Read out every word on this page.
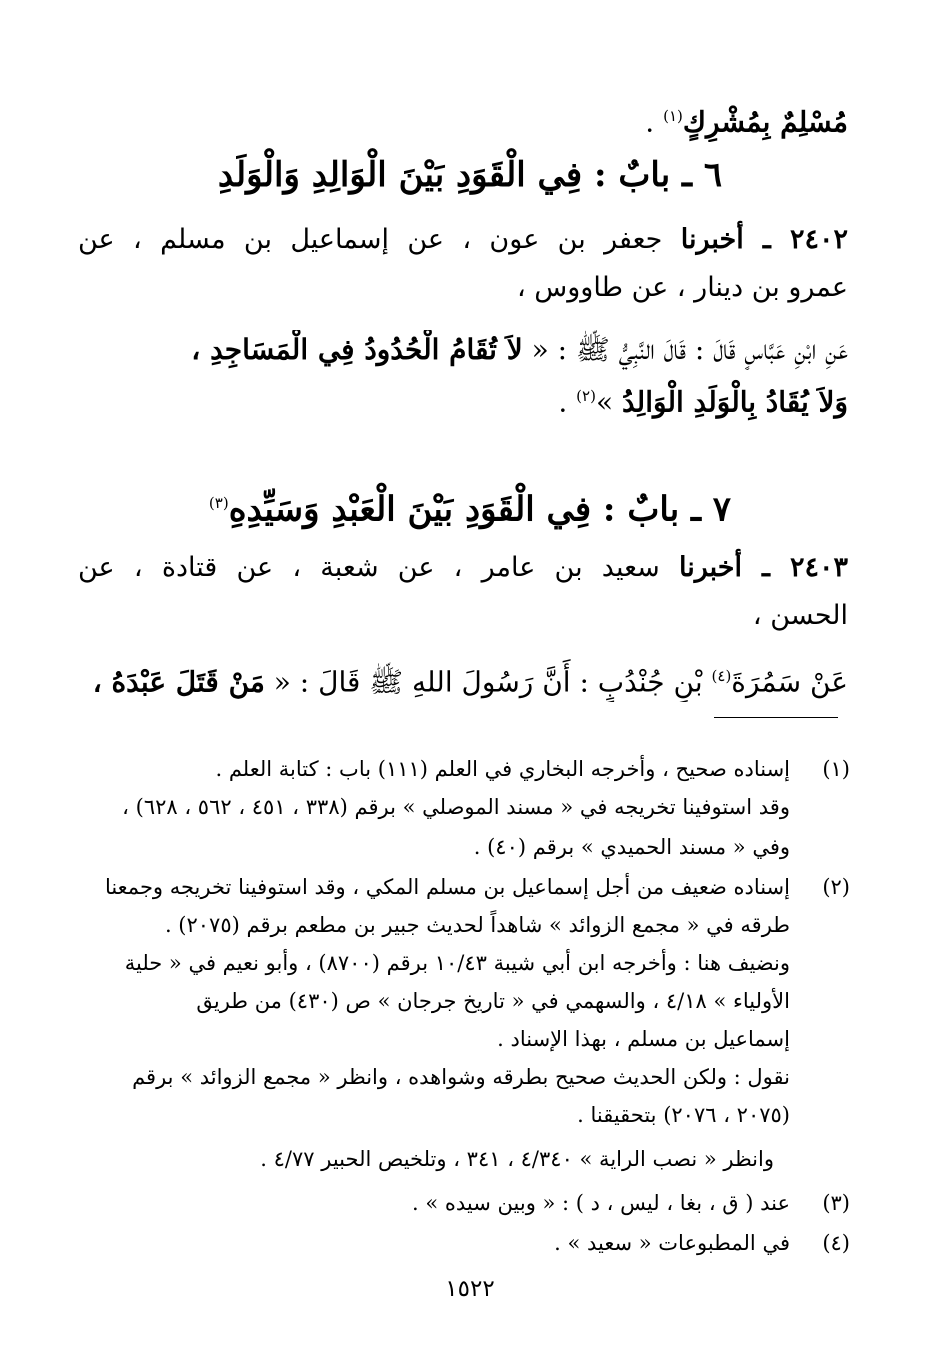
مُسْلِمٌ بِمُشْرِكٍ$^{(١)}$ .
٦ ـ بابٌ : فِي الْقَوَدِ بَيْنَ الْوَالِدِ وَالْوَلَدِ
٢٤٠٢ ـ أخبرنا جعفر بن عون ، عن إسماعيل بن مسلم ، عن
عمرو بن دينار ، عن طاووس ،
عَنِ ابْنِ عَبَّاسٍ قَالَ : قَالَ النَّبِيُّ ﷺ : « لاَ تُقَامُ الْحُدُودُ فِي الْمَسَاجِدِ ،
وَلاَ يُقَادُ بِالْوَلَدِ الْوَالِدُ »$^{(٢)}$ .
٧ ـ بابٌ : فِي الْقَوَدِ بَيْنَ الْعَبْدِ وَسَيِّدِهِ$^{(٣)}$
٢٤٠٣ ـ أخبرنا سعيد بن عامر ، عن شعبة ، عن قتادة ، عن
الحسن ،
عَنْ سَمُرَةَ$^{(٤)}$ بْنِ جُنْدُبٍ : أَنَّ رَسُولَ اللهِ ﷺ قَالَ : « مَنْ قَتَلَ عَبْدَهُ ،
(١)
إسناده صحيح ، وأخرجه البخاري في العلم (١١١) باب : كتابة العلم .
وقد استوفينا تخريجه في « مسند الموصلي » برقم (٣٣٨ ، ٤٥١ ، ٥٦٢ ، ٦٢٨) ،
وفي « مسند الحميدي » برقم (٤٠) .
(٢)
إسناده ضعيف من أجل إسماعيل بن مسلم المكي ، وقد استوفينا تخريجه وجمعنا
طرقه في « مجمع الزوائد » شاهداً لحديث جبير بن مطعم برقم (٢٠٧٥) .
ونضيف هنا : وأخرجه ابن أبي شيبة ١٠/٤٣ برقم (٨٧٠٠) ، وأبو نعيم في « حلية
الأولياء » ٤/١٨ ، والسهمي في « تاريخ جرجان » ص (٤٣٠) من طريق
إسماعيل بن مسلم ، بهذا الإسناد .
نقول : ولكن الحديث صحيح بطرقه وشواهده ، وانظر « مجمع الزوائد » برقم
(٢٠٧٥ ، ٢٠٧٦) بتحقيقنا .
وانظر « نصب الراية » ٤/٣٤٠ ، ٣٤١ ، وتلخيص الحبير ٤/٧٧ .
(٣)
عند ( ق ، بغا ، ليس ، د ) : « وبين سيده » .
(٤)
في المطبوعات « سعيد » .
١٥٢٢
